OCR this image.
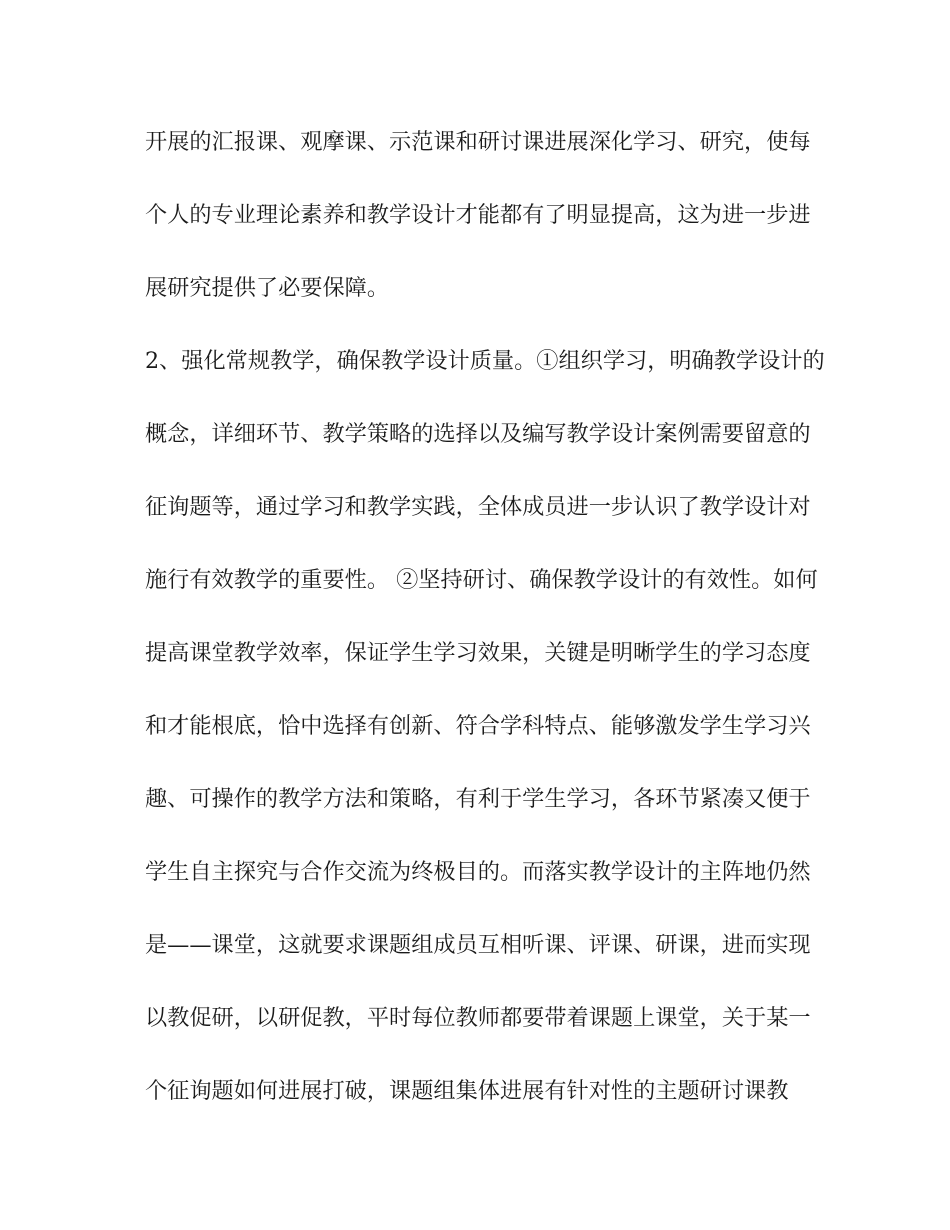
开展的汇报课、观摩课、示范课和研讨课进展深化学习、研究，使每
个人的专业理论素养和教学设计才能都有了明显提高，这为进一步进
展研究提供了必要保障。
2、强化常规教学，确保教学设计质量。①组织学习，明确教学设计的
概念，详细环节、教学策略的选择以及编写教学设计案例需要留意的
征询题等，通过学习和教学实践，全体成员进一步认识了教学设计对
施行有效教学的重要性。 ②坚持研讨、确保教学设计的有效性。如何
提高课堂教学效率，保证学生学习效果，关键是明晰学生的学习态度
和才能根底，恰中选择有创新、符合学科特点、能够激发学生学习兴
趣、可操作的教学方法和策略，有利于学生学习，各环节紧凑又便于
学生自主探究与合作交流为终极目的。而落实教学设计的主阵地仍然
是——课堂，这就要求课题组成员互相听课、评课、研课，进而实现
以教促研，以研促教，平时每位教师都要带着课题上课堂，关于某一
个征询题如何进展打破，课题组集体进展有针对性的主题研讨课教
